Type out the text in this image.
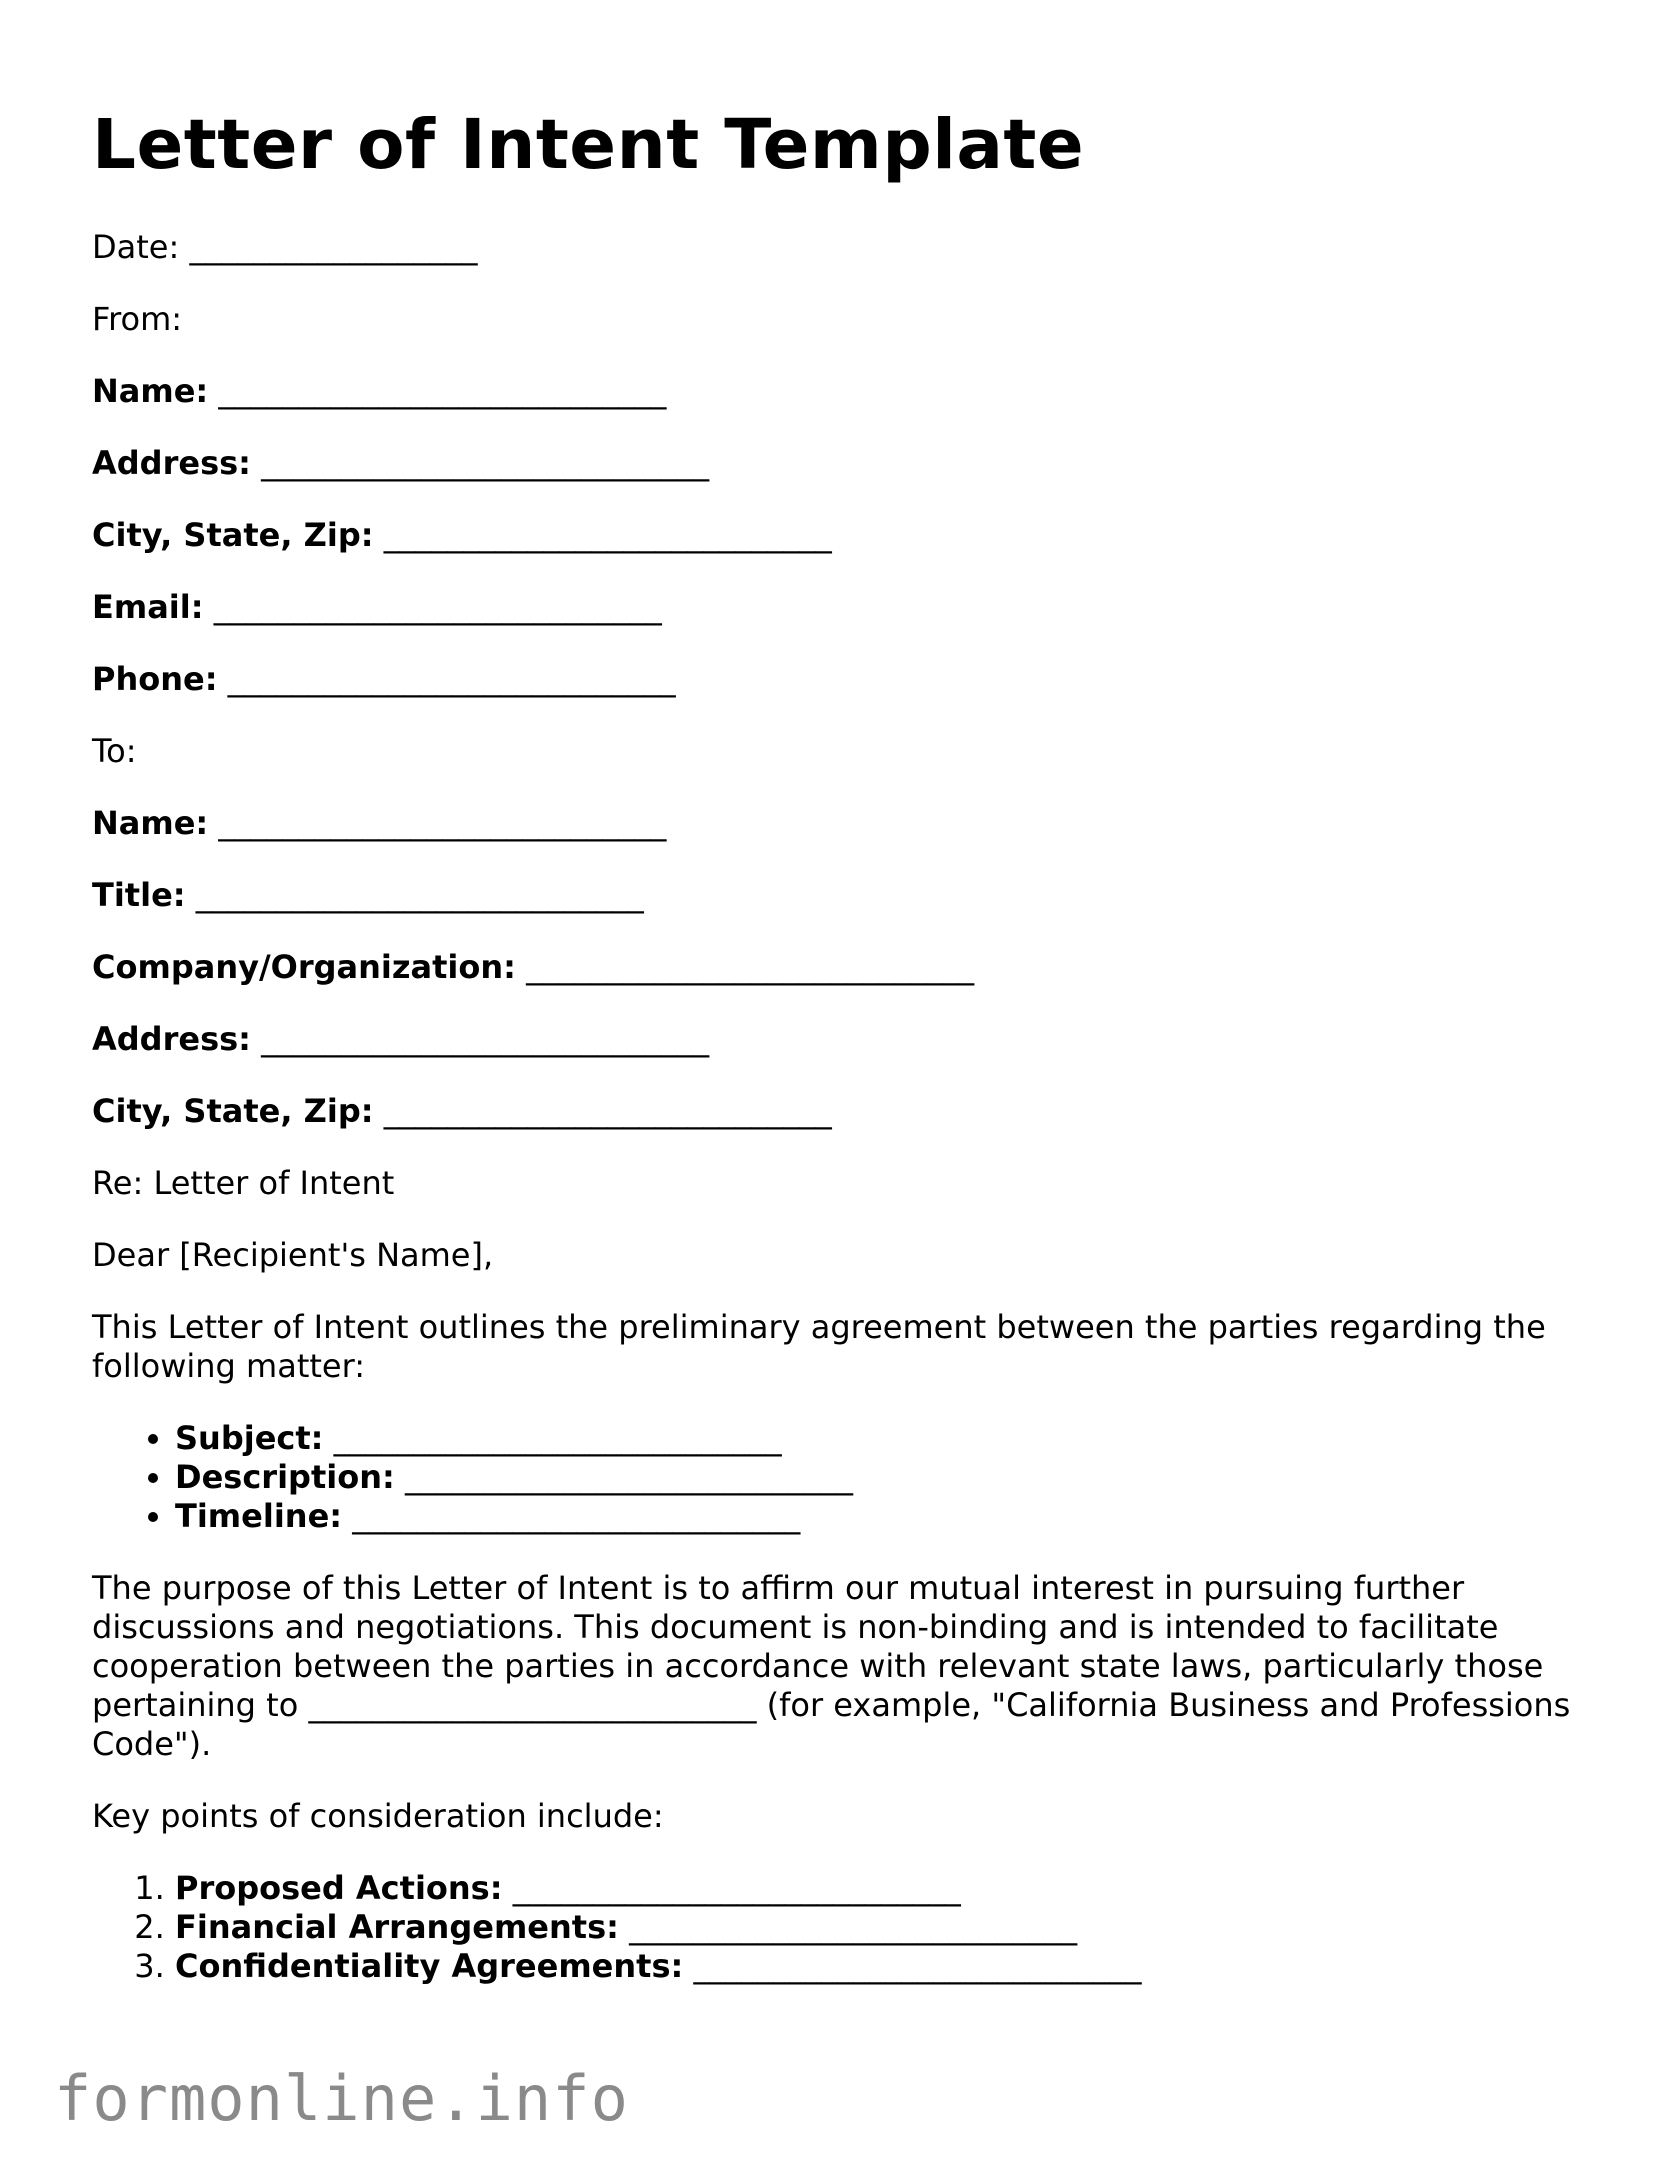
Letter of Intent Template

Date: __________________

From:

Name: ____________________________

Address: ____________________________

City, State, Zip: ____________________________

Email: ____________________________

Phone: ____________________________

To:

Name: ____________________________

Title: ____________________________

Company/Organization: ____________________________

Address: ____________________________

City, State, Zip: ____________________________

Re: Letter of Intent

Dear [Recipient's Name],

This Letter of Intent outlines the preliminary agreement between the parties regarding the following matter:

• Subject: ____________________________
• Description: ____________________________
• Timeline: ____________________________

The purpose of this Letter of Intent is to affirm our mutual interest in pursuing further discussions and negotiations. This document is non-binding and is intended to facilitate cooperation between the parties in accordance with relevant state laws, particularly those pertaining to ____________________________ (for example, "California Business and Professions Code").

Key points of consideration include:

1. Proposed Actions: ____________________________
2. Financial Arrangements: ____________________________
3. Confidentiality Agreements: ____________________________
formonline.info
